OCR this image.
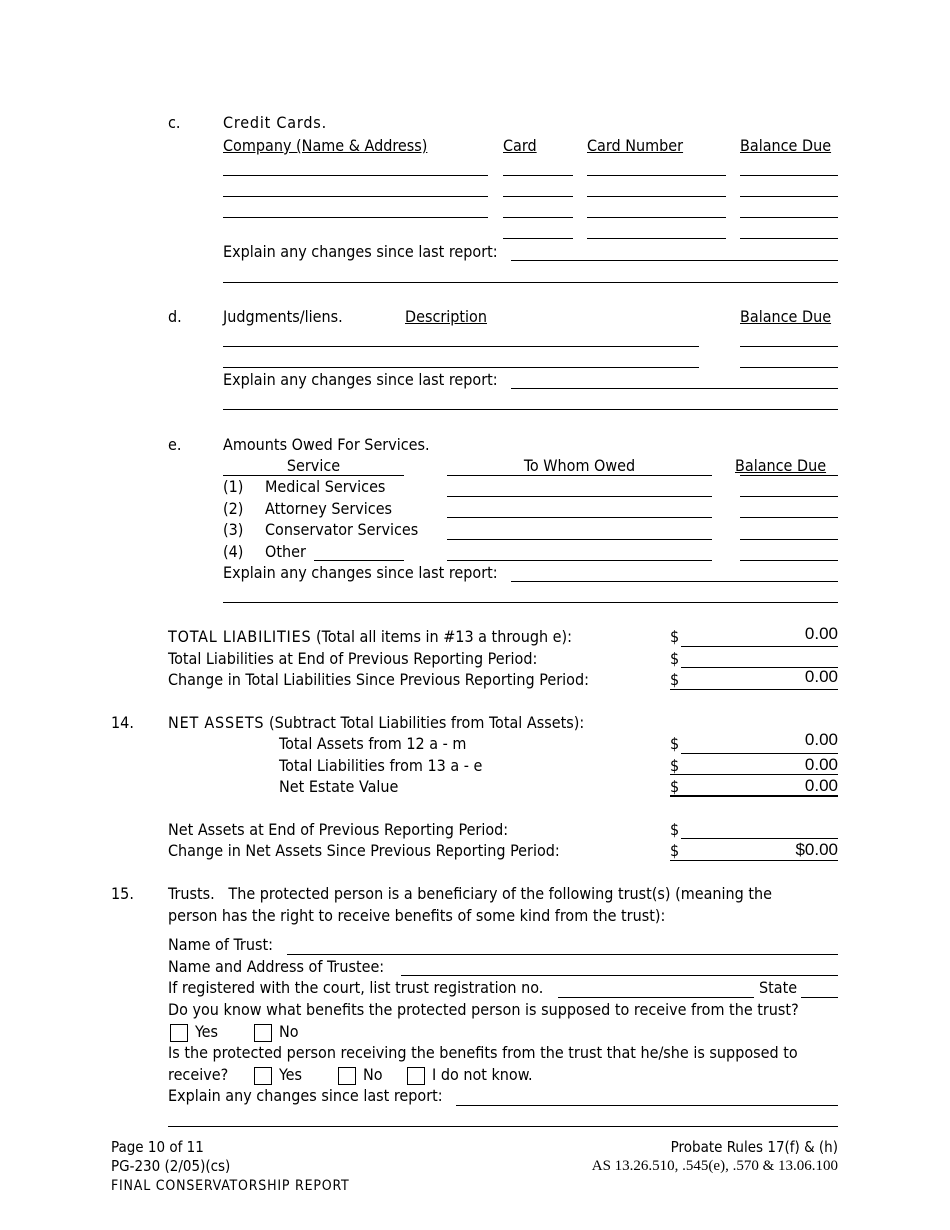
c.	Credit Cards.
Company (Name & Address)	Card	Card Number	Balance Due
Explain any changes since last report:
d.	Judgments/liens.	Description	Balance Due
Explain any changes since last report:
e.	Amounts Owed For Services.
Service	To Whom Owed	Balance Due
(1) Medical Services
(2) Attorney Services
(3) Conservator Services
(4) Other
Explain any changes since last report:
TOTAL LIABILITIES (Total all items in #13 a through e):	$	0.00
Total Liabilities at End of Previous Reporting Period:	$
Change in Total Liabilities Since Previous Reporting Period:	$	0.00
14. NET ASSETS (Subtract Total Liabilities from Total Assets):
Total Assets from 12 a - m	$	0.00
Total Liabilities from 13 a - e	$	0.00
Net Estate Value	$	0.00
Net Assets at End of Previous Reporting Period:	$
Change in Net Assets Since Previous Reporting Period:	$	$0.00
15. Trusts. The protected person is a beneficiary of the following trust(s) (meaning the
person has the right to receive benefits of some kind from the trust):
Name of Trust:
Name and Address of Trustee:
If registered with the court, list trust registration no.	State
Do you know what benefits the protected person is supposed to receive from the trust?
Yes	No
Is the protected person receiving the benefits from the trust that he/she is supposed to
receive?	Yes	No	I do not know.
Explain any changes since last report:
Page 10 of 11
PG-230 (2/05)(cs)
FINAL CONSERVATORSHIP REPORT
Probate Rules 17(f) & (h)
AS 13.26.510, .545(e), .570 & 13.06.100
